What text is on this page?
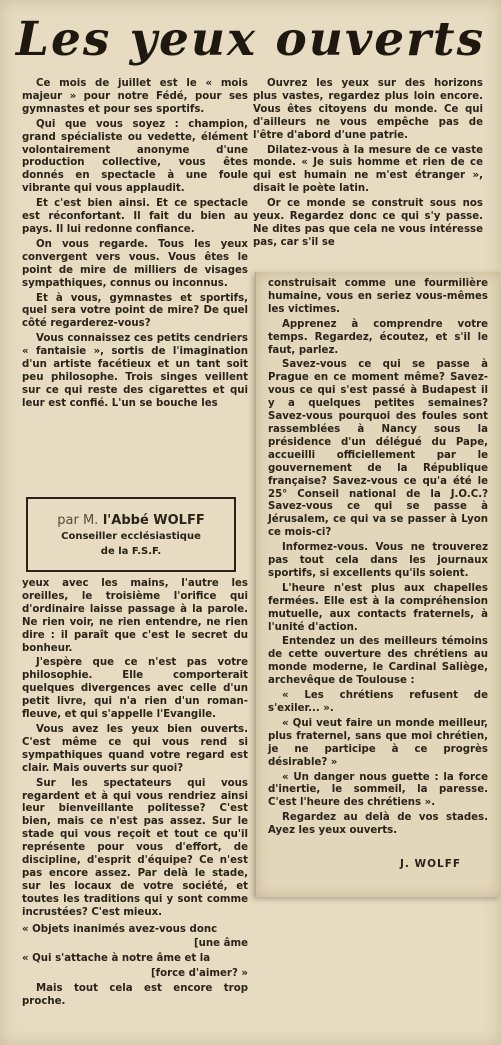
Les yeux ouverts

Ce mois de juillet est le « mois majeur » pour notre Fédé, pour ses gymnastes et pour ses sportifs.

Qui que vous soyez : champion, grand spécialiste ou vedette, élément volontairement anonyme d'une production collective, vous êtes donnés en spectacle à une foule vibrante qui vous applaudit.

Et c'est bien ainsi. Et ce spectacle est réconfortant. Il fait du bien au pays. Il lui redonne confiance.

On vous regarde. Tous les yeux convergent vers vous. Vous êtes le point de mire de milliers de visages sympathiques, connus ou inconnus.

Et à vous, gymnastes et sportifs, quel sera votre point de mire? De quel côté regarderez-vous?

Vous connaissez ces petits cendriers « fantaisie », sortis de l'imagination d'un artiste facétieux et un tant soit peu philosophe. Trois singes veillent sur ce qui reste des cigarettes et qui leur est confié. L'un se bouche les

par M. l'Abbé WOLFF
Conseiller ecclésiastique
de la F.S.F.

yeux avec les mains, l'autre les oreilles, le troisième l'orifice qui d'ordinaire laisse passage à la parole. Ne rien voir, ne rien entendre, ne rien dire : il paraît que c'est le secret du bonheur.

J'espère que ce n'est pas votre philosophie. Elle comporterait quelques divergences avec celle d'un petit livre, qui n'a rien d'un roman-fleuve, et qui s'appelle l'Evangile.

Vous avez les yeux bien ouverts. C'est même ce qui vous rend si sympathiques quand votre regard est clair. Mais ouverts sur quoi?

Sur les spectateurs qui vous regardent et à qui vous rendriez ainsi leur bienveillante politesse? C'est bien, mais ce n'est pas assez. Sur le stade qui vous reçoit et tout ce qu'il représente pour vous d'effort, de discipline, d'esprit d'équipe? Ce n'est pas encore assez. Par delà le stade, sur les locaux de votre société, et toutes les traditions qui y sont comme incrustées? C'est mieux.

« Objets inanimés avez-vous donc

[une âme

« Qui s'attache à notre âme et la

[force d'aimer? »

Mais tout cela est encore trop proche.

Ouvrez les yeux sur des horizons plus vastes, regardez plus loin encore. Vous êtes citoyens du monde. Ce qui d'ailleurs ne vous empêche pas de l'être d'abord d'une patrie.

Dilatez-vous à la mesure de ce vaste monde. « Je suis homme et rien de ce qui est humain ne m'est étranger », disait le poète latin.

Or ce monde se construit sous nos yeux. Regardez donc ce qui s'y passe. Ne dites pas que cela ne vous intéresse pas, car s'il se

construisait comme une fourmilière humaine, vous en seriez vous-mêmes les victimes.

Apprenez à comprendre votre temps. Regardez, écoutez, et s'il le faut, parlez.

Savez-vous ce qui se passe à Prague en ce moment même? Savez-vous ce qui s'est passé à Budapest il y a quelques petites semaines? Savez-vous pourquoi des foules sont rassemblées à Nancy sous la présidence d'un délégué du Pape, accueilli officiellement par le gouvernement de la République française? Savez-vous ce qu'a été le 25° Conseil national de la J.O.C.? Savez-vous ce qui se passe à Jérusalem, ce qui va se passer à Lyon ce mois-ci?

Informez-vous. Vous ne trouverez pas tout cela dans les journaux sportifs, si excellents qu'ils soient.

L'heure n'est plus aux chapelles fermées. Elle est à la compréhension mutuelle, aux contacts fraternels, à l'unité d'action.

Entendez un des meilleurs témoins de cette ouverture des chrétiens au monde moderne, le Cardinal Saliège, archevêque de Toulouse :

« Les chrétiens refusent de s'exiler... ».

« Qui veut faire un monde meilleur, plus fraternel, sans que moi chrétien, je ne participe à ce progrès désirable? »

« Un danger nous guette : la force d'inertie, le sommeil, la paresse. C'est l'heure des chrétiens ».

Regardez au delà de vos stades. Ayez les yeux ouverts.

J. WOLFF
